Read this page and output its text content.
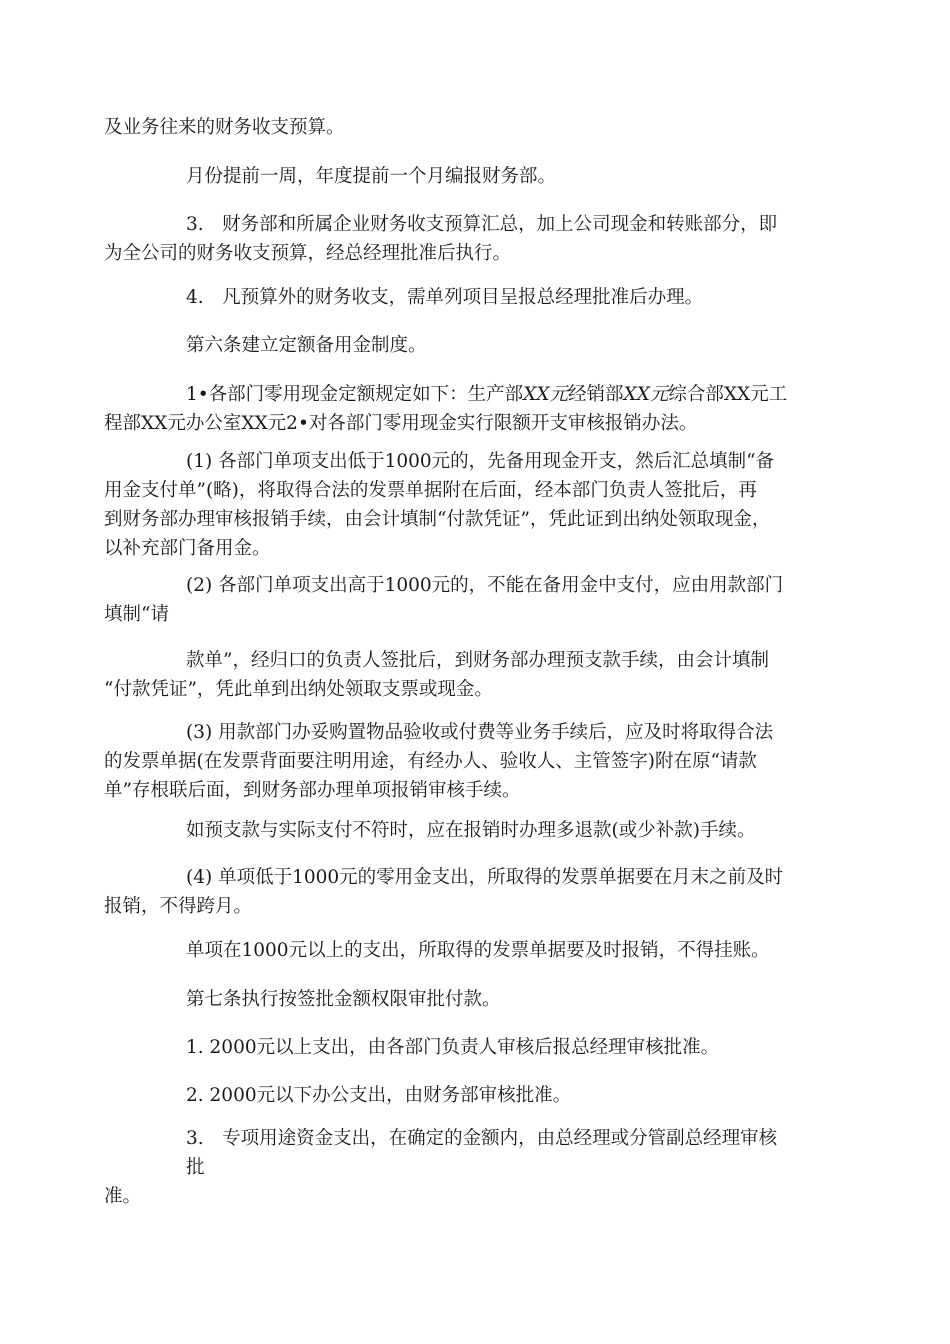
及业务往来的财务收支预算。
月份提前一周，年度提前一个月编报财务部。
3.　财务部和所属企业财务收支预算汇总，加上公司现金和转账部分，即
为全公司的财务收支预算，经总经理批准后执行。
4.　凡预算外的财务收支，需单列项目呈报总经理批准后办理。
第六条建立定额备用金制度。
1•各部门零用现金定额规定如下：生产部XX元经销部XX元综合部XX元工
程部XX元办公室XX元2•对各部门零用现金实行限额开支审核报销办法。
(1) 各部门单项支出低于1000元的，先备用现金开支，然后汇总填制“备
用金支付单”(略)，将取得合法的发票单据附在后面，经本部门负责人签批后，再
到财务部办理审核报销手续，由会计填制“付款凭证”，凭此证到出纳处领取现金，
以补充部门备用金。
(2) 各部门单项支出高于1000元的，不能在备用金中支付，应由用款部门
填制“请
款单”，经归口的负责人签批后，到财务部办理预支款手续，由会计填制
“付款凭证”，凭此单到出纳处领取支票或现金。
(3) 用款部门办妥购置物品验收或付费等业务手续后，应及时将取得合法
的发票单据(在发票背面要注明用途，有经办人、验收人、主管签字)附在原“请款
单”存根联后面，到财务部办理单项报销审核手续。
如预支款与实际支付不符时，应在报销时办理多退款(或少补款)手续。
(4) 单项低于1000元的零用金支出，所取得的发票单据要在月末之前及时
报销，不得跨月。
单项在1000元以上的支出，所取得的发票单据要及时报销，不得挂账。
第七条执行按签批金额权限审批付款。
1. 2000元以上支出，由各部门负责人审核后报总经理审核批准。
2. 2000元以下办公支出，由财务部审核批准。
3.　专项用途资金支出，在确定的金额内，由总经理或分管副总经理审核
批
准。
